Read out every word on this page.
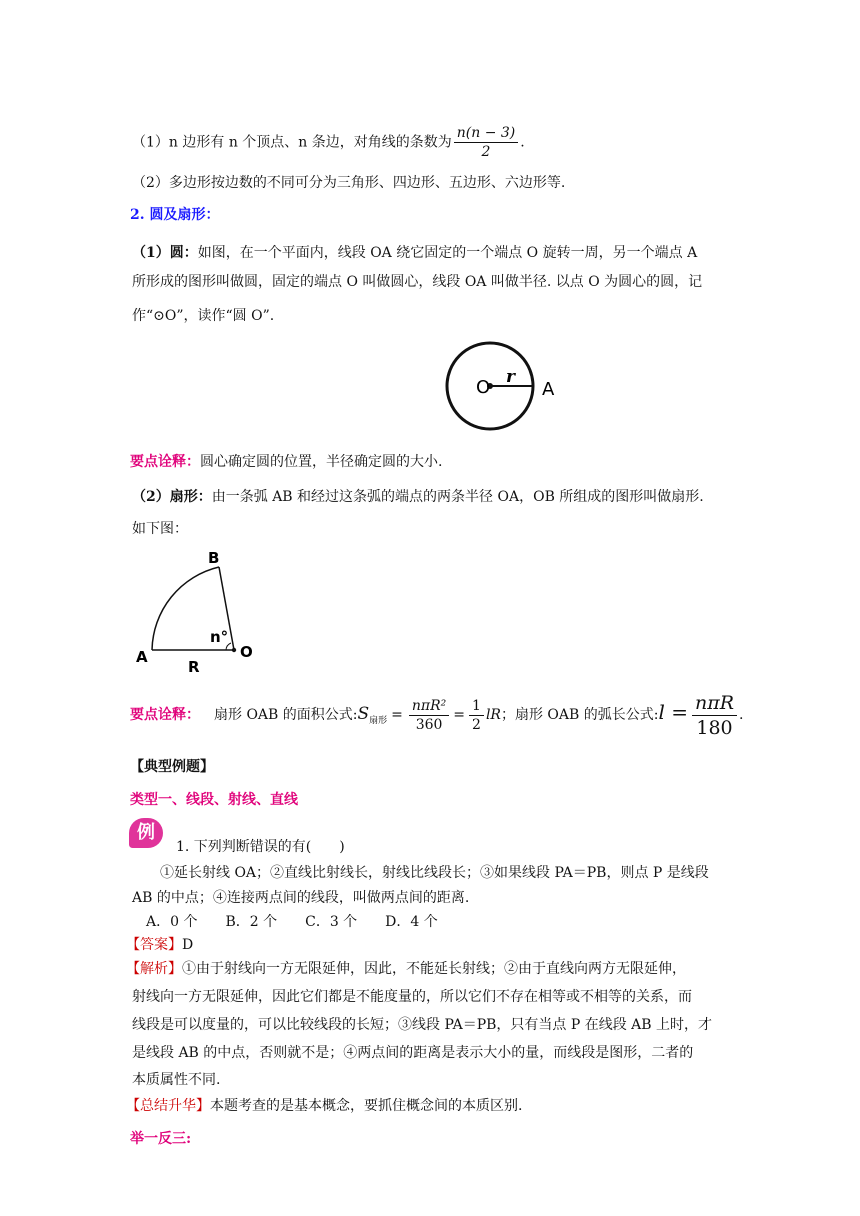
（1）n 边形有 n 个顶点、n 条边，对角线的条数为 $\frac{n(n - 3)}{2}$ .
（2）多边形按边数的不同可分为三角形、四边形、五边形、六边形等.
2. 圆及扇形：
（1）圆：如图，在一个平面内，线段 OA 绕它固定的一个端点 O 旋转一周，另一个端点 A
所形成的图形叫做圆，固定的端点 O 叫做圆心，线段 OA 叫做半径. 以点 O 为圆心的圆，记
作“⊙O”，读作“圆 O”.
O r
A
要点诠释：圆心确定圆的位置，半径确定圆的大小.
（2）扇形：由一条弧 AB 和经过这条弧的端点的两条半径 OA，OB 所组成的图形叫做扇形.
如下图：
B
A	O
R
n°
要点诠释： 扇形 OAB 的面积公式$:S_{扇形} = \frac{\text{nπR²}}{360} = \frac{1}{2}$ lR；扇形 OAB 的弧长公式:l = $\frac{\text{nπR}}{180}$ .
【典型例题】
类型一、线段、射线、直线
例
1. 下列判断错误的有(　　)
①延长射线 OA；②直线比射线长，射线比线段长；③如果线段 PA＝PB，则点 P 是线段
AB 的中点；④连接两点间的线段，叫做两点间的距离.
A．0 个　　B．2 个　　C．3 个　　D．4 个
【答案】D
【解析】①由于射线向一方无限延伸，因此，不能延长射线；②由于直线向两方无限延伸，
射线向一方无限延伸，因此它们都是不能度量的，所以它们不存在相等或不相等的关系，而
线段是可以度量的，可以比较线段的长短；③线段 PA＝PB，只有当点 P 在线段 AB 上时，才
是线段 AB 的中点，否则就不是；④两点间的距离是表示大小的量，而线段是图形，二者的
本质属性不同.
【总结升华】本题考查的是基本概念，要抓住概念间的本质区别.
举一反三:
